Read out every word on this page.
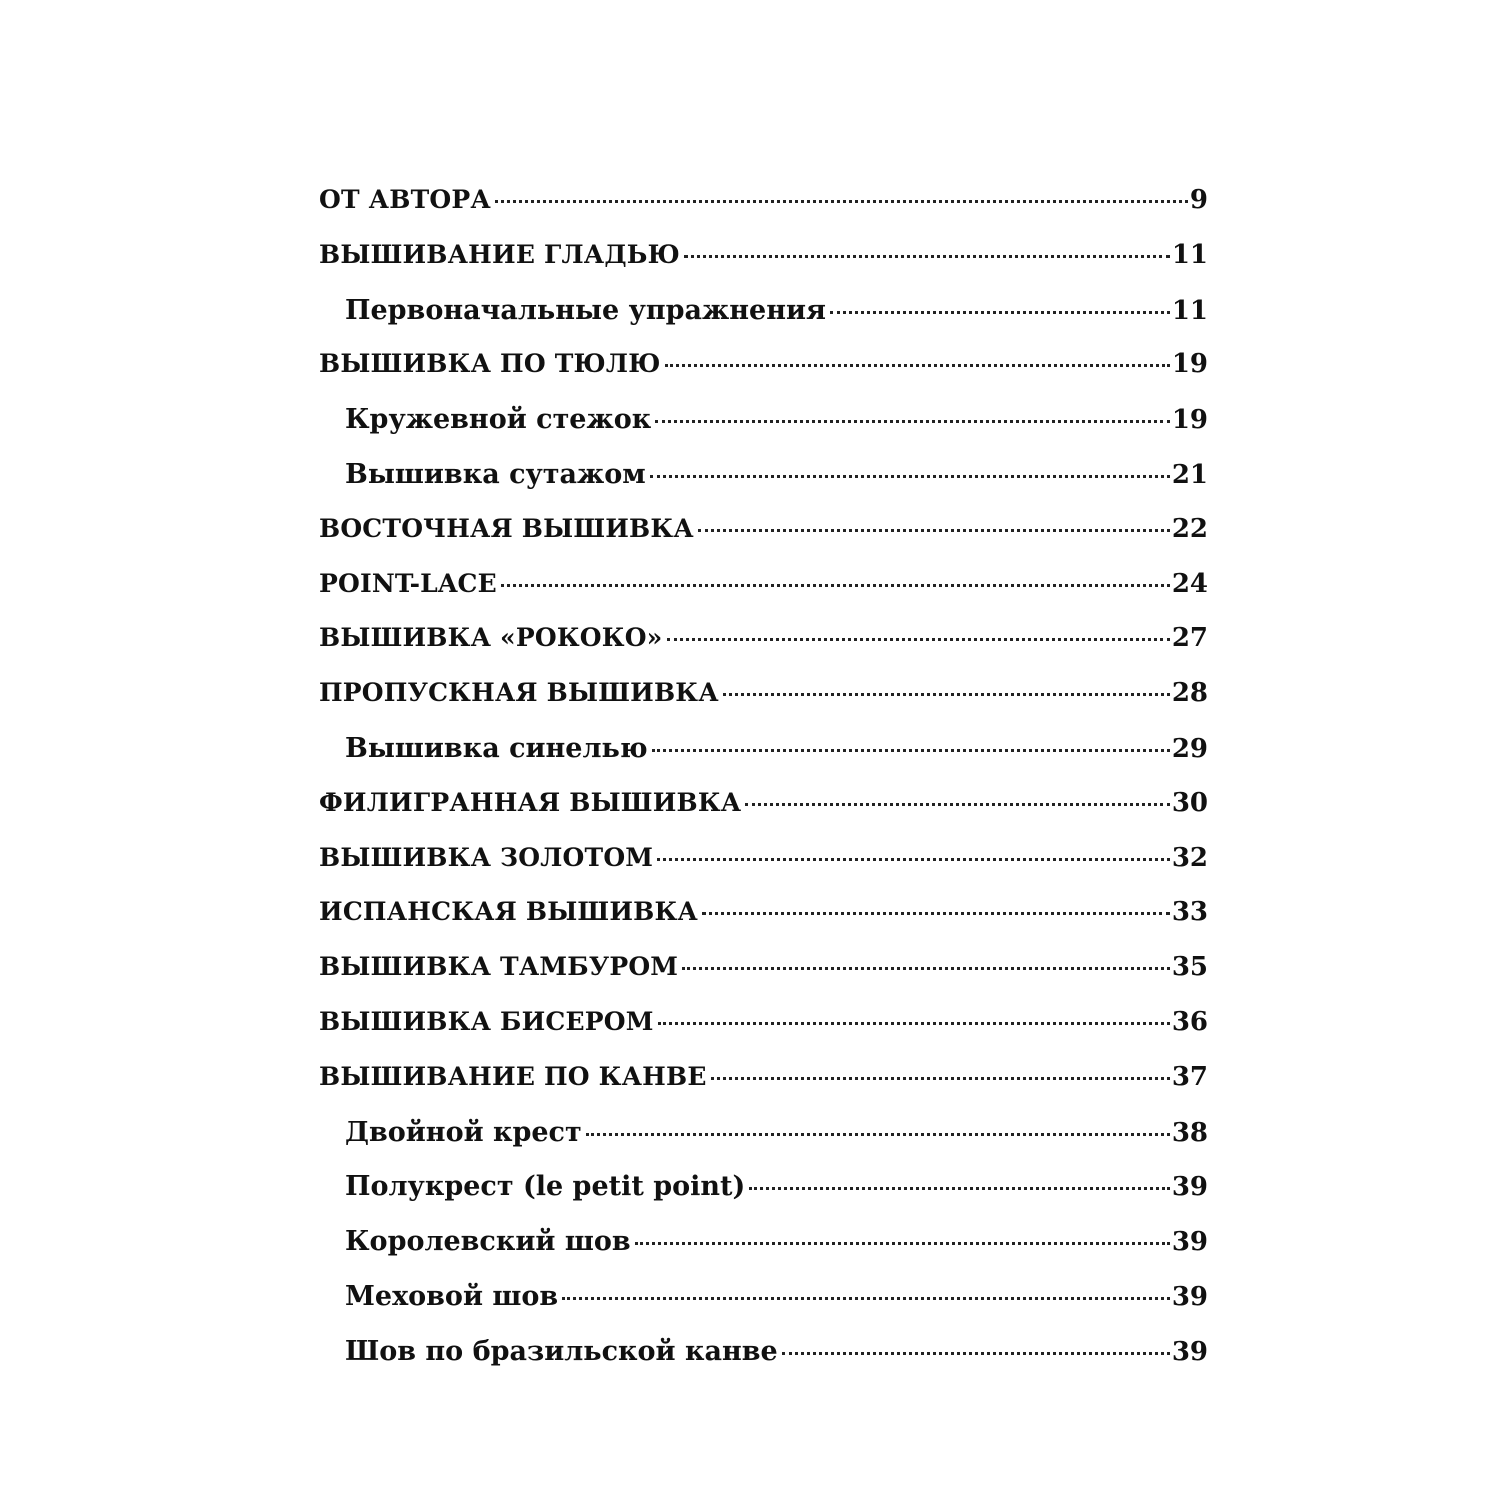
ОТ АВТОРА	9
ВЫШИВАНИЕ ГЛАДЬЮ	11
Первоначальные упражнения	11
ВЫШИВКА ПО ТЮЛЮ	19
Кружевной стежок	19
Вышивка сутажом	21
ВОСТОЧНАЯ ВЫШИВКА	22
POINT-LACE	24
ВЫШИВКА «РОКОКО»	27
ПРОПУСКНАЯ ВЫШИВКА	28
Вышивка синелью	29
ФИЛИГРАННАЯ ВЫШИВКА	30
ВЫШИВКА ЗОЛОТОМ	32
ИСПАНСКАЯ ВЫШИВКА	33
ВЫШИВКА ТАМБУРОМ	35
ВЫШИВКА БИСЕРОМ	36
ВЫШИВАНИЕ ПО КАНВЕ	37
Двойной крест	38
Полукрест (le petit point)	39
Королевский шов	39
Меховой шов	39
Шов по бразильской канве	39
